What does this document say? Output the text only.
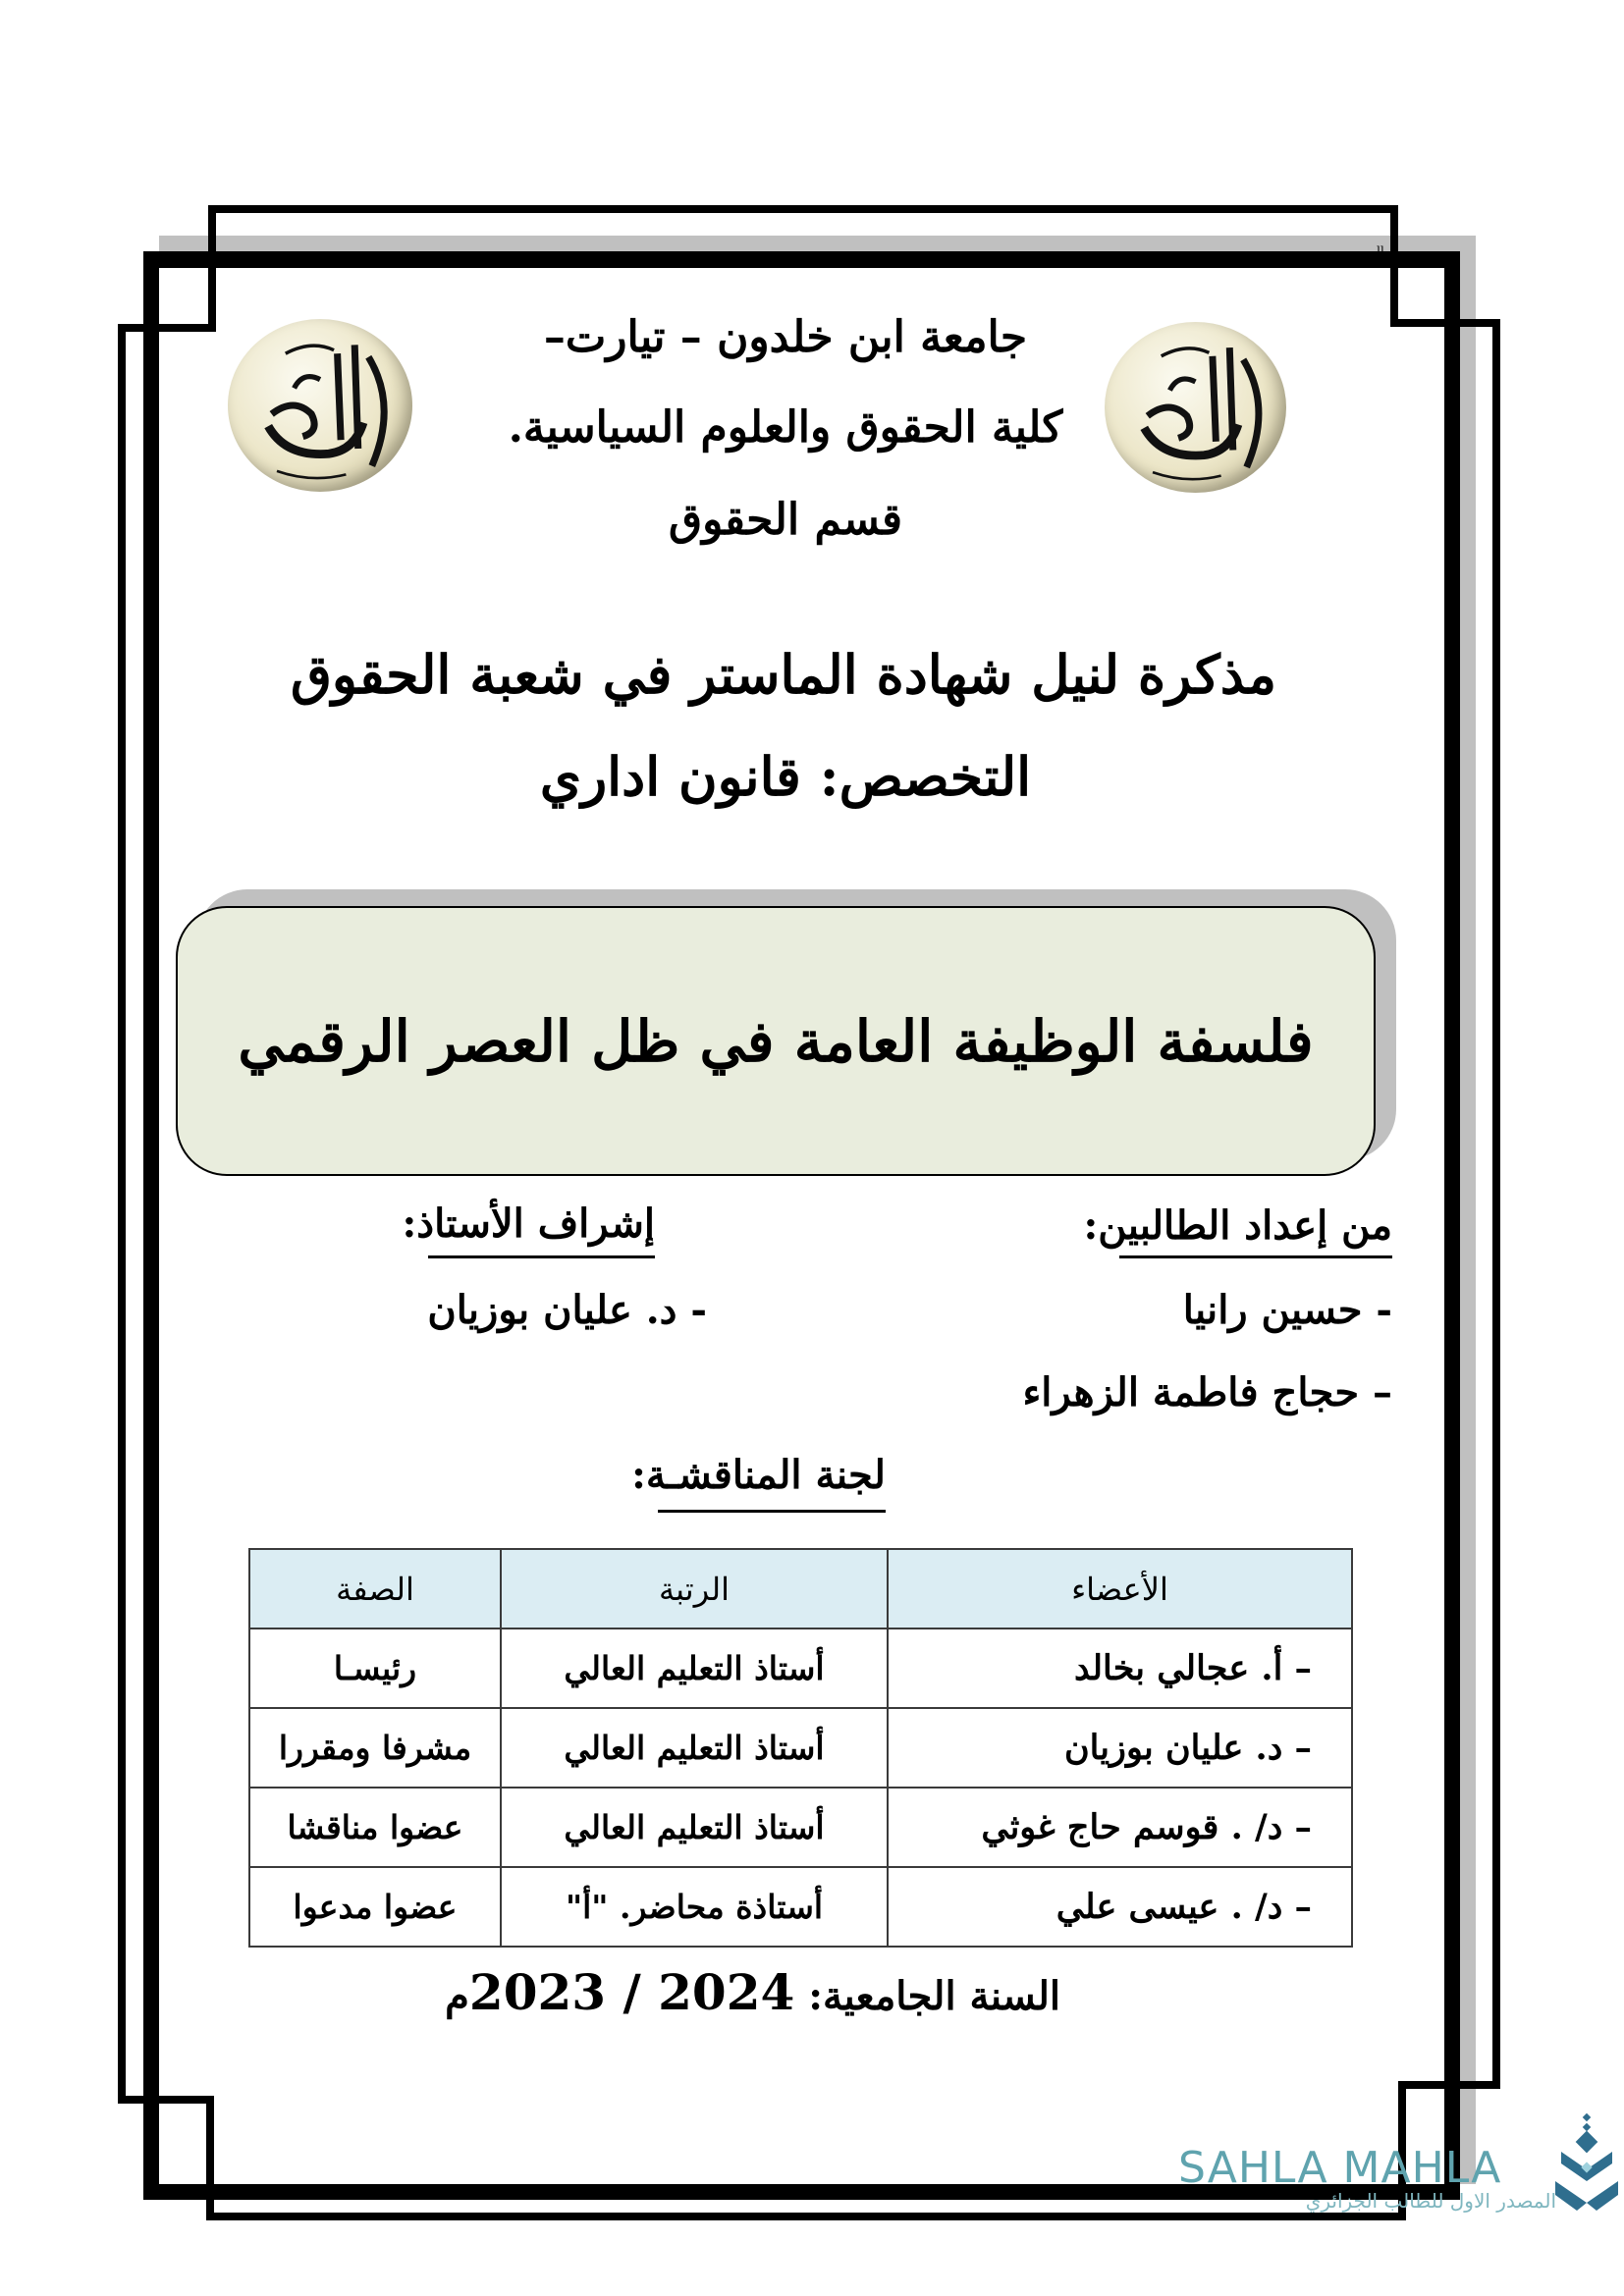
ıı
جامعة ابن خلدون – تيارت–
كلية الحقوق والعلوم السياسية.
قسم الحقوق
مذكرة لنيل شهادة الماستر في شعبة الحقوق
التخصص: قانون اداري
فلسفة الوظيفة العامة في ظل العصر الرقمي
من إعداد الطالبين:
- حسين رانيا
– حجاج فاطمة الزهراء
إشراف الأستاذ:
- د. عليان بوزيان
لجنة المناقشـة:
الأعضاء	الرتبة	الصفة
– أ. عجالي بخالد	أستاذ التعليم العالي	رئيسـا
– د. عليان بوزيان	أستاذ التعليم العالي	مشرفا ومقررا
– د/ . قوسم حاج غوثي	أستاذ التعليم العالي	عضوا مناقشا
– د/ . عيسى علي	أستاذة محاضر. "أ"	عضوا مدعوا
السنة الجامعية: 2023 / 2024م
SAHLA MAHLA
المصدر الاول للطالب الجزائري
